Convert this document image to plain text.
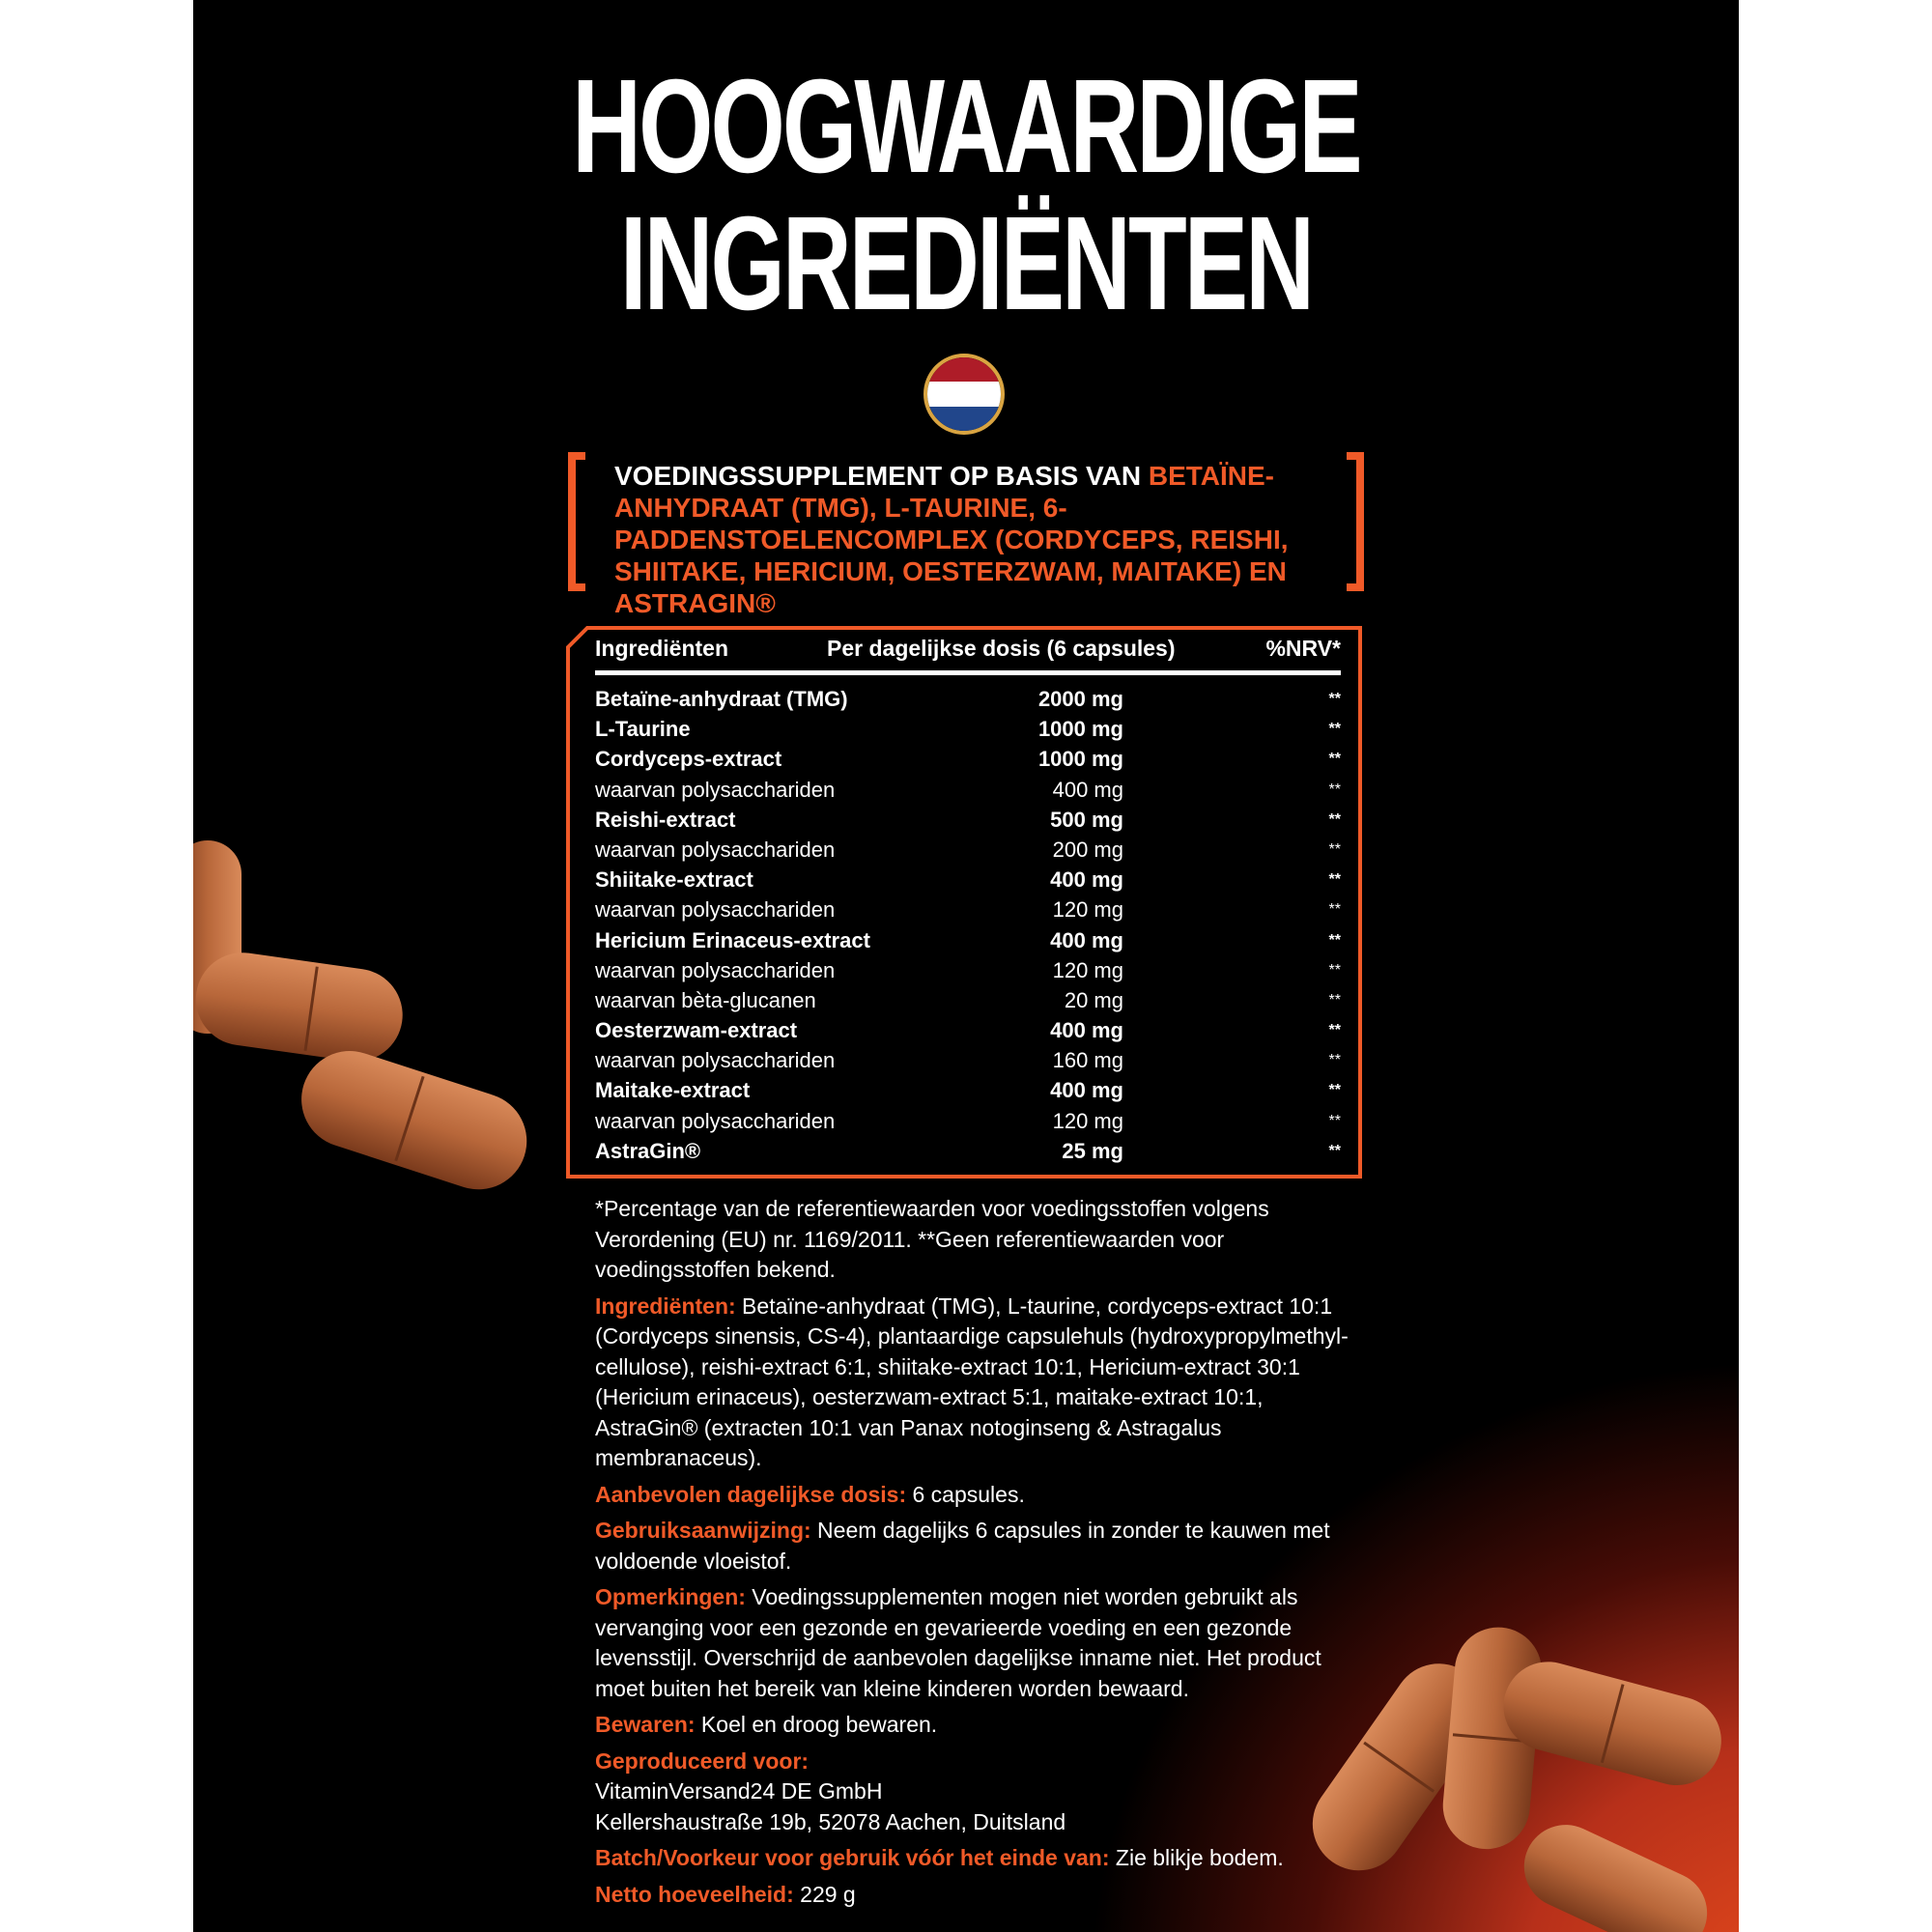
HOOGWAARDIGE
INGREDIËNTEN
VOEDINGSSUPPLEMENT OP BASIS VAN BETAÏNE-ANHYDRAAT (TMG), L-TAURINE, 6-PADDENSTOELENCOMPLEX (CORDYCEPS, REISHI, SHIITAKE, HERICIUM, OESTERZWAM, MAITAKE) EN ASTRAGIN®
Ingrediënten	Per dagelijkse dosis (6 capsules)	%NRV*
Betaïne-anhydraat (TMG)	2000 mg	**
L-Taurine	1000 mg	**
Cordyceps-extract	1000 mg	**
waarvan polysacchariden	400 mg	**
Reishi-extract	500 mg	**
waarvan polysacchariden	200 mg	**
Shiitake-extract	400 mg	**
waarvan polysacchariden	120 mg	**
Hericium Erinaceus-extract	400 mg	**
waarvan polysacchariden	120 mg	**
waarvan bèta-glucanen	20 mg	**
Oesterzwam-extract	400 mg	**
waarvan polysacchariden	160 mg	**
Maitake-extract	400 mg	**
waarvan polysacchariden	120 mg	**
AstraGin®	25 mg	**

*Percentage van de referentiewaarden voor voedingsstoffen volgens Verordening (EU) nr. 1169/2011. **Geen referentiewaarden voor voedingsstoffen bekend.

Ingrediënten: Betaïne-anhydraat (TMG), L-taurine, cordyceps-extract 10:1 (Cordyceps sinensis, CS-4), plantaardige capsulehuls (hydroxypropylmethyl-cellulose), reishi-extract 6:1, shiitake-extract 10:1, Hericium-extract 30:1 (Hericium erinaceus), oesterzwam-extract 5:1, maitake-extract 10:1, AstraGin® (extracten 10:1 van Panax notoginseng & Astragalus membranaceus).

Aanbevolen dagelijkse dosis: 6 capsules.

Gebruiksaanwijzing: Neem dagelijks 6 capsules in zonder te kauwen met voldoende vloeistof.

Opmerkingen: Voedingssupplementen mogen niet worden gebruikt als vervanging voor een gezonde en gevarieerde voeding en een gezonde levensstijl. Overschrijd de aanbevolen dagelijkse inname niet. Het product moet buiten het bereik van kleine kinderen worden bewaard.

Bewaren: Koel en droog bewaren.

Geproduceerd voor:
VitaminVersand24 DE GmbH
Kellershaustraße 19b, 52078 Aachen, Duitsland

Batch/Voorkeur voor gebruik vóór het einde van: Zie blikje bodem.

Netto hoeveelheid: 229 g
